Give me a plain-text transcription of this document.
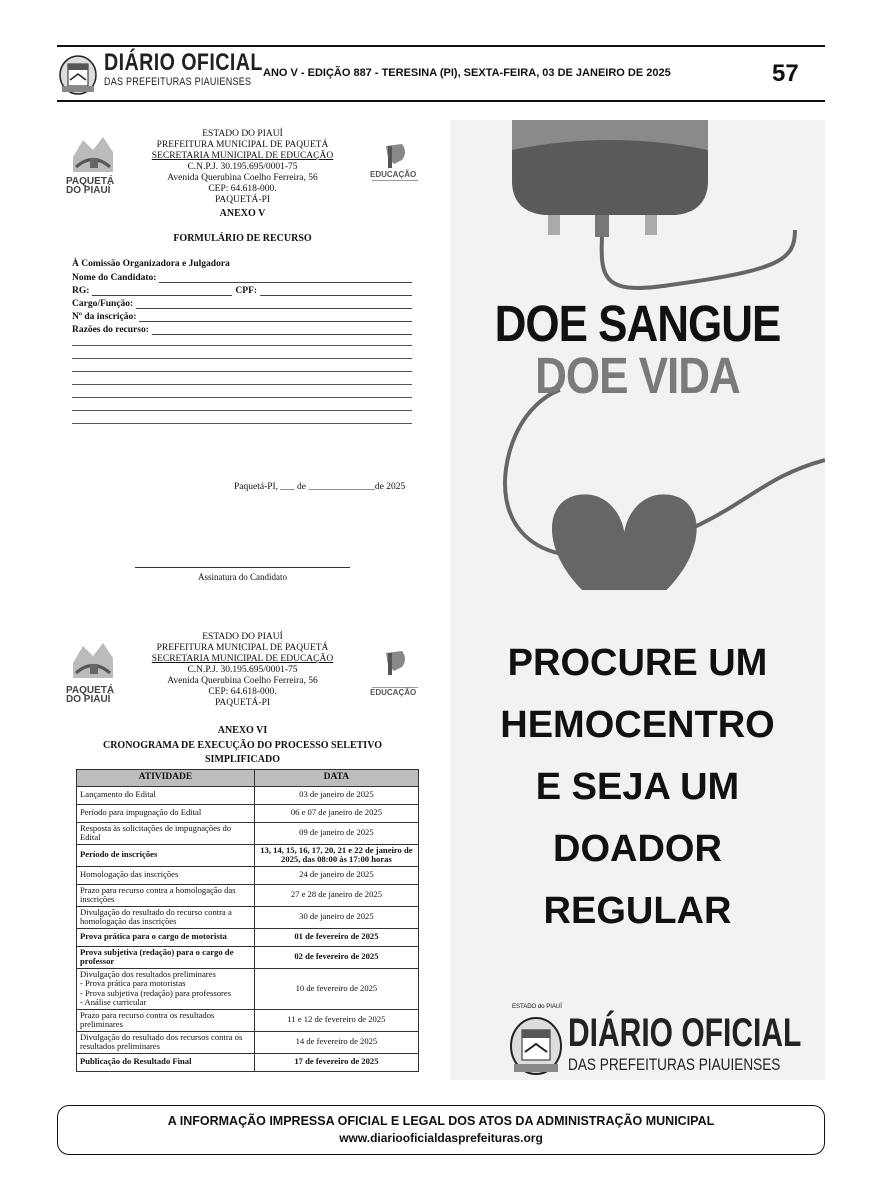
DIÁRIO OFICIAL
DAS PREFEITURAS PIAUIENSES
ANO V - EDIÇÃO 887 - TERESINA (PI), SEXTA-FEIRA, 03 DE JANEIRO DE 2025	57
PAQUETÁ
DO PIAUÍ
ESTADO DO PIAUÍ
PREFEITURA MUNICIPAL DE PAQUETÁ
SECRETARIA MUNICIPAL DE EDUCAÇÃO
C.N.P.J. 30.195.695/0001-75
Avenida Querubina Coelho Ferreira, 56
CEP: 64.618-000.
PAQUETÁ-PI
EDUCAÇÃO
ANEXO V
FORMULÁRIO DE RECURSO
À Comissão Organizadora e Julgadora
Nome do Candidato:
RG:	CPF:
Cargo/Função:
Nº da inscrição:
Razões do recurso:
Paquetá-PI, ___ de ______________de 2025
Assinatura do Candidato
PAQUETÁ
DO PIAUÍ
ESTADO DO PIAUÍ
PREFEITURA MUNICIPAL DE PAQUETÁ
SECRETARIA MUNICIPAL DE EDUCAÇÃO
C.N.P.J. 30.195.695/0001-75
Avenida Querubina Coelho Ferreira, 56
CEP: 64.618-000.
PAQUETÁ-PI
EDUCAÇÃO
ANEXO VI
CRONOGRAMA DE EXECUÇÃO DO PROCESSO SELETIVO
SIMPLIFICADO
ATIVIDADE	DATA
Lançamento do Edital	03 de janeiro de 2025
Período para impugnação do Edital	06 e 07 de janeiro de 2025
Resposta às solicitações de impugnações do Edital	09 de janeiro de 2025
Período de inscrições	13, 14, 15, 16, 17, 20, 21 e 22 de janeiro de 2025, das 08:00 às 17:00 horas
Homologação das inscrições	24 de janeiro de 2025
Prazo para recurso contra a homologação das inscrições	27 e 28 de janeiro de 2025
Divulgação do resultado do recurso contra a homologação das inscrições	30 de janeiro de 2025
Prova prática para o cargo de motorista	01 de fevereiro de 2025
Prova subjetiva (redação) para o cargo de professor	02 de fevereiro de 2025
Divulgação dos resultados preliminares
- Prova prática para motoristas
- Prova subjetiva (redação) para professores
- Análise curricular	10 de fevereiro de 2025
Prazo para recurso contra os resultados preliminares	11 e 12 de fevereiro de 2025
Divulgação do resultado dos recursos contra os resultados preliminares	14 de fevereiro de 2025
Publicação do Resultado Final	17 de fevereiro de 2025
DOE SANGUE
DOE VIDA
PROCURE UM
HEMOCENTRO
E SEJA UM
DOADOR
REGULAR
ESTADO do PIAUÍ
DIÁRIO OFICIAL
DAS PREFEITURAS PIAUIENSES
A INFORMAÇÃO IMPRESSA OFICIAL E LEGAL DOS ATOS DA ADMINISTRAÇÃO MUNICIPAL
www.diariooficialdasprefeituras.org
